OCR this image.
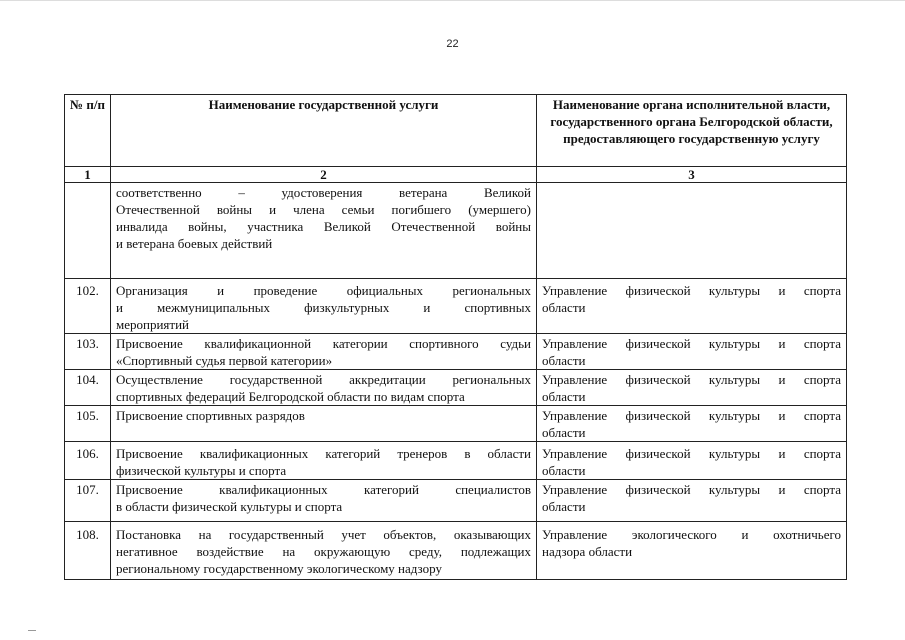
22
№ п/п	Наименование государственной услуги	Наименование органа исполнительной власти, государственного органа Белгородской области, предоставляющего государственную услугу
1	2	3

	соответственно – удостоверения ветерана Великой
Отечественной войны и члена семьи погибшего (умершего)
инвалида войны, участника Великой Отечественной войны
и ветерана боевых действий	

102.	Организация и проведение официальных региональных
и межмуниципальных физкультурных и спортивных
мероприятий	Управление физической культуры и спорта
области

103.	Присвоение квалификационной категории спортивного судьи
«Спортивный судья первой категории»	Управление физической культуры и спорта
области

104.	Осуществление государственной аккредитации региональных
спортивных федераций Белгородской области по видам спорта	Управление физической культуры и спорта
области

105.	Присвоение спортивных разрядов	Управление физической культуры и спорта
области

106.	Присвоение квалификационных категорий тренеров в области
физической культуры и спорта	Управление физической культуры и спорта
области

107.	Присвоение квалификационных категорий специалистов
в области физической культуры и спорта	Управление физической культуры и спорта
области

108.	Постановка на государственный учет объектов, оказывающих
негативное воздействие на окружающую среду, подлежащих
региональному государственному экологическому надзору	Управление экологического и охотничьего
надзора области
